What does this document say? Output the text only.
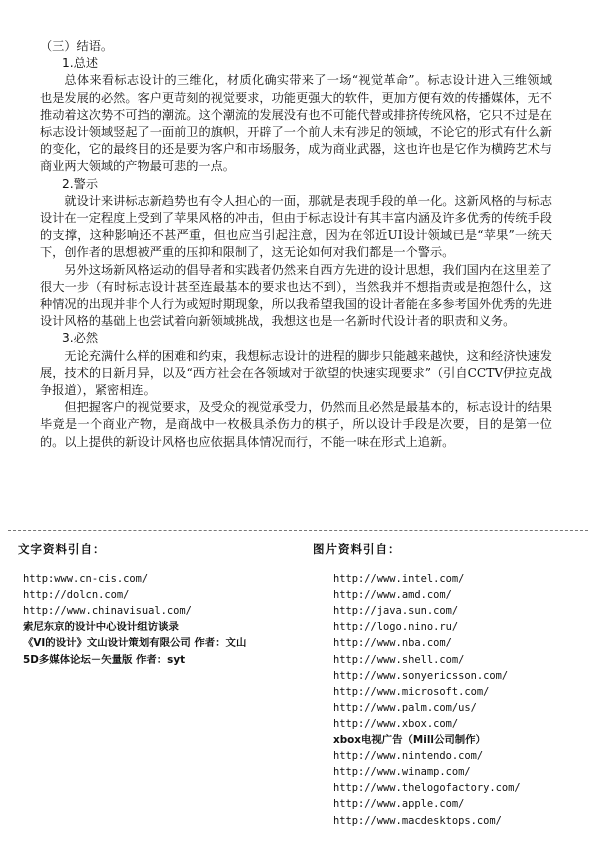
（三）结语。

1.总述

总体来看标志设计的三维化，材质化确实带来了一场“视觉革命”。标志设计进入三维领域也是发展的必然。客户更苛刻的视觉要求，功能更强大的软件，更加方便有效的传播媒体，无不推动着这次势不可挡的潮流。这个潮流的发展没有也不可能代替或排挤传统风格，它只不过是在标志设计领域竖起了一面前卫的旗帜，开辟了一个前人未有涉足的领域，不论它的形式有什么新的变化，它的最终目的还是要为客户和市场服务，成为商业武器，这也许也是它作为横跨艺术与商业两大领域的产物最可悲的一点。

2.警示

就设计来讲标志新趋势也有令人担心的一面，那就是表现手段的单一化。这新风格的与标志设计在一定程度上受到了苹果风格的冲击，但由于标志设计有其丰富内涵及许多优秀的传统手段的支撑，这种影响还不甚严重，但也应当引起注意，因为在邻近UI设计领域已是“苹果”一统天下，创作者的思想被严重的压抑和限制了，这无论如何对我们都是一个警示。

另外这场新风格运动的倡导者和实践者仍然来自西方先进的设计思想，我们国内在这里差了很大一步（有时标志设计甚至连最基本的要求也达不到），当然我并不想指责或是抱怨什么，这种情况的出现并非个人行为或短时期现象，所以我希望我国的设计者能在多参考国外优秀的先进设计风格的基础上也尝试着向新领域挑战，我想这也是一名新时代设计者的职责和义务。

3.必然

无论充满什么样的困难和约束，我想标志设计的进程的脚步只能越来越快，这和经济快速发展，技术的日新月异，以及“西方社会在各领域对于欲望的快速实现要求”（引自CCTV伊拉克战争报道），紧密相连。

但把握客户的视觉要求，及受众的视觉承受力，仍然而且必然是最基本的，标志设计的结果毕竟是一个商业产物，是商战中一枚极具杀伤力的棋子，所以设计手段是次要，目的是第一位的。以上提供的新设计风格也应依据具体情况而行，不能一味在形式上追新。

文字资料引自：
http:www.cn-cis.com/
http://dolcn.com/
http://www.chinavisual.com/
索尼东京的设计中心设计组访谈录
《VI的设计》文山设计策划有限公司 作者：文山
5D多媒体论坛－矢量版 作者：syt
图片资料引自：
http://www.intel.com/
http://www.amd.com/
http://java.sun.com/
http://logo.nino.ru/
http://www.nba.com/
http://www.shell.com/
http://www.sonyericsson.com/
http://www.microsoft.com/
http://www.palm.com/us/
http://www.xbox.com/
xbox电视广告（Mill公司制作）
http://www.nintendo.com/
http://www.winamp.com/
http://www.thelogofactory.com/
http://www.apple.com/
http://www.macdesktops.com/
